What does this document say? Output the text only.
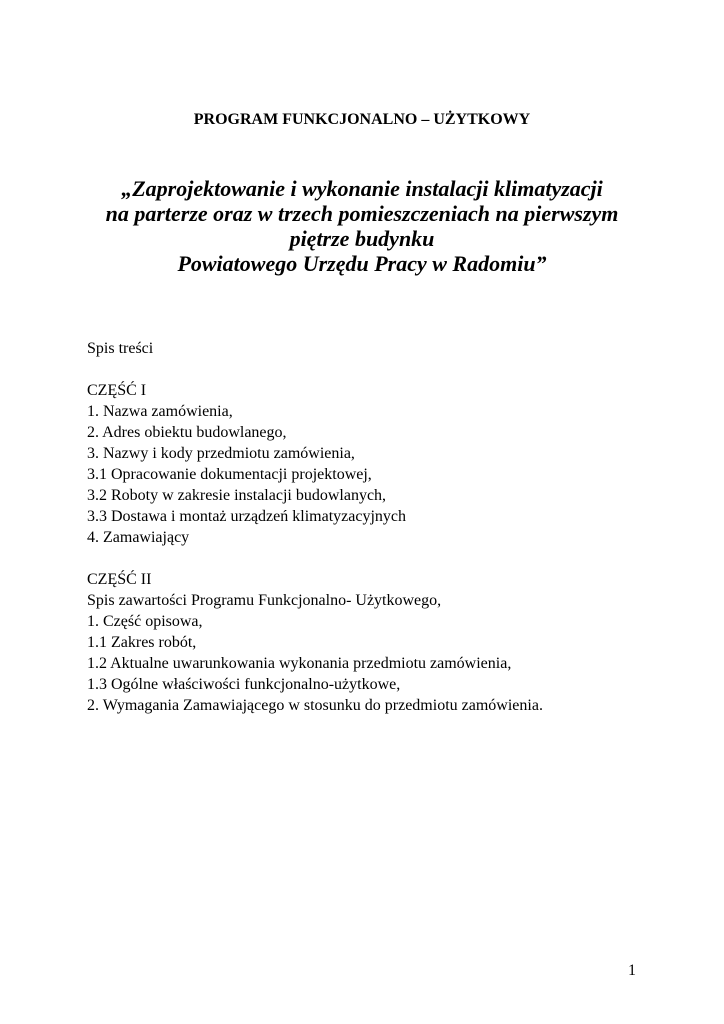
PROGRAM FUNKCJONALNO – UŻYTKOWY
„Zaprojektowanie i wykonanie instalacji klimatyzacji
na parterze oraz w trzech pomieszczeniach na pierwszym
piętrze budynku
Powiatowego Urzędu Pracy w Radomiu”
Spis treści
CZĘŚĆ I
1. Nazwa zamówienia,
2. Adres obiektu budowlanego,
3. Nazwy i kody przedmiotu zamówienia,
3.1 Opracowanie dokumentacji projektowej,
3.2 Roboty w zakresie instalacji budowlanych,
3.3 Dostawa i montaż urządzeń klimatyzacyjnych
4. Zamawiający
CZĘŚĆ II
Spis zawartości Programu Funkcjonalno- Użytkowego,
1. Część opisowa,
1.1 Zakres robót,
1.2 Aktualne uwarunkowania wykonania przedmiotu zamówienia,
1.3 Ogólne właściwości funkcjonalno-użytkowe,
2. Wymagania Zamawiającego w stosunku do przedmiotu zamówienia.
1
